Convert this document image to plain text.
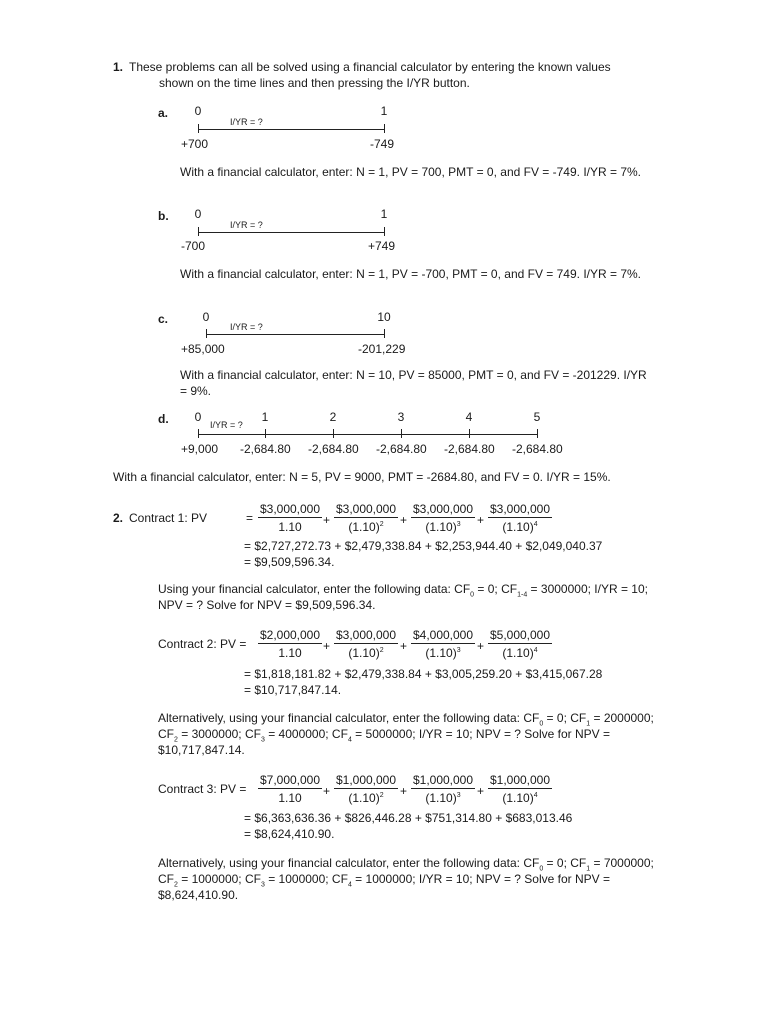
1. These problems can all be solved using a financial calculator by entering the known values
shown on the time lines and then pressing the I/YR button.
a. 0	1
I/YR = ?
+700	-749
With a financial calculator, enter: N = 1, PV = 700, PMT = 0, and FV = -749. I/YR = 7%.
b. 0	1
I/YR = ?
-700	+749
With a financial calculator, enter: N = 1, PV = -700, PMT = 0, and FV = 749. I/YR = 7%.
c.	0	10
I/YR = ?
+85,000	-201,229
With a financial calculator, enter: N = 10, PV = 85000, PMT = 0, and FV = -201229. I/YR = 9%.
d. 0	1	2	3	4	5
I/YR = ?
+9,000 -2,684.80 -2,684.80 -2,684.80 -2,684.80 -2,684.80
With a financial calculator, enter: N = 5, PV = 9000, PMT = -2684.80, and FV = 0. I/YR = 15%.
2. Contract 1: PV	= $\frac{\$3,000,000}{1.10} + \frac{\$3,000,000}{(1.10)^2} + \frac{\$3,000,000}{(1.10)^3} + \frac{\$3,000,000}{(1.10)^4}$
= $2,727,272.73 + $2,479,338.84 + $2,253,944.40 + $2,049,040.37
= $9,509,596.34.
Using your financial calculator, enter the following data: $CF_0 = 0$; $CF_{1-4} = 3000000$; I/YR = 10; NPV = ? Solve for NPV = $9,509,596.34.
Contract 2: PV = $\frac{\$2,000,000}{1.10} + \frac{\$3,000,000}{(1.10)^2} + \frac{\$4,000,000}{(1.10)^3} + \frac{\$5,000,000}{(1.10)^4}$
= $1,818,181.82 + $2,479,338.84 + $3,005,259.20 + $3,415,067.28
= $10,717,847.14.
Alternatively, using your financial calculator, enter the following data: $CF_0 = 0$; $CF_1 = 2000000$; $CF_2 = 3000000$; $CF_3 = 4000000$; $CF_4 = 5000000$; I/YR = 10; NPV = ? Solve for NPV = $10,717,847.14.
Contract 3: PV = $\frac{\$7,000,000}{1.10} + \frac{\$1,000,000}{(1.10)^2} + \frac{\$1,000,000}{(1.10)^3} + \frac{\$1,000,000}{(1.10)^4}$
= $6,363,636.36 + $826,446.28 + $751,314.80 + $683,013.46
= $8,624,410.90.
Alternatively, using your financial calculator, enter the following data: $CF_0 = 0$; $CF_1 = 7000000$; $CF_2 = 1000000$; $CF_3 = 1000000$; $CF_4 = 1000000$; I/YR = 10; NPV = ? Solve for NPV = $8,624,410.90.
